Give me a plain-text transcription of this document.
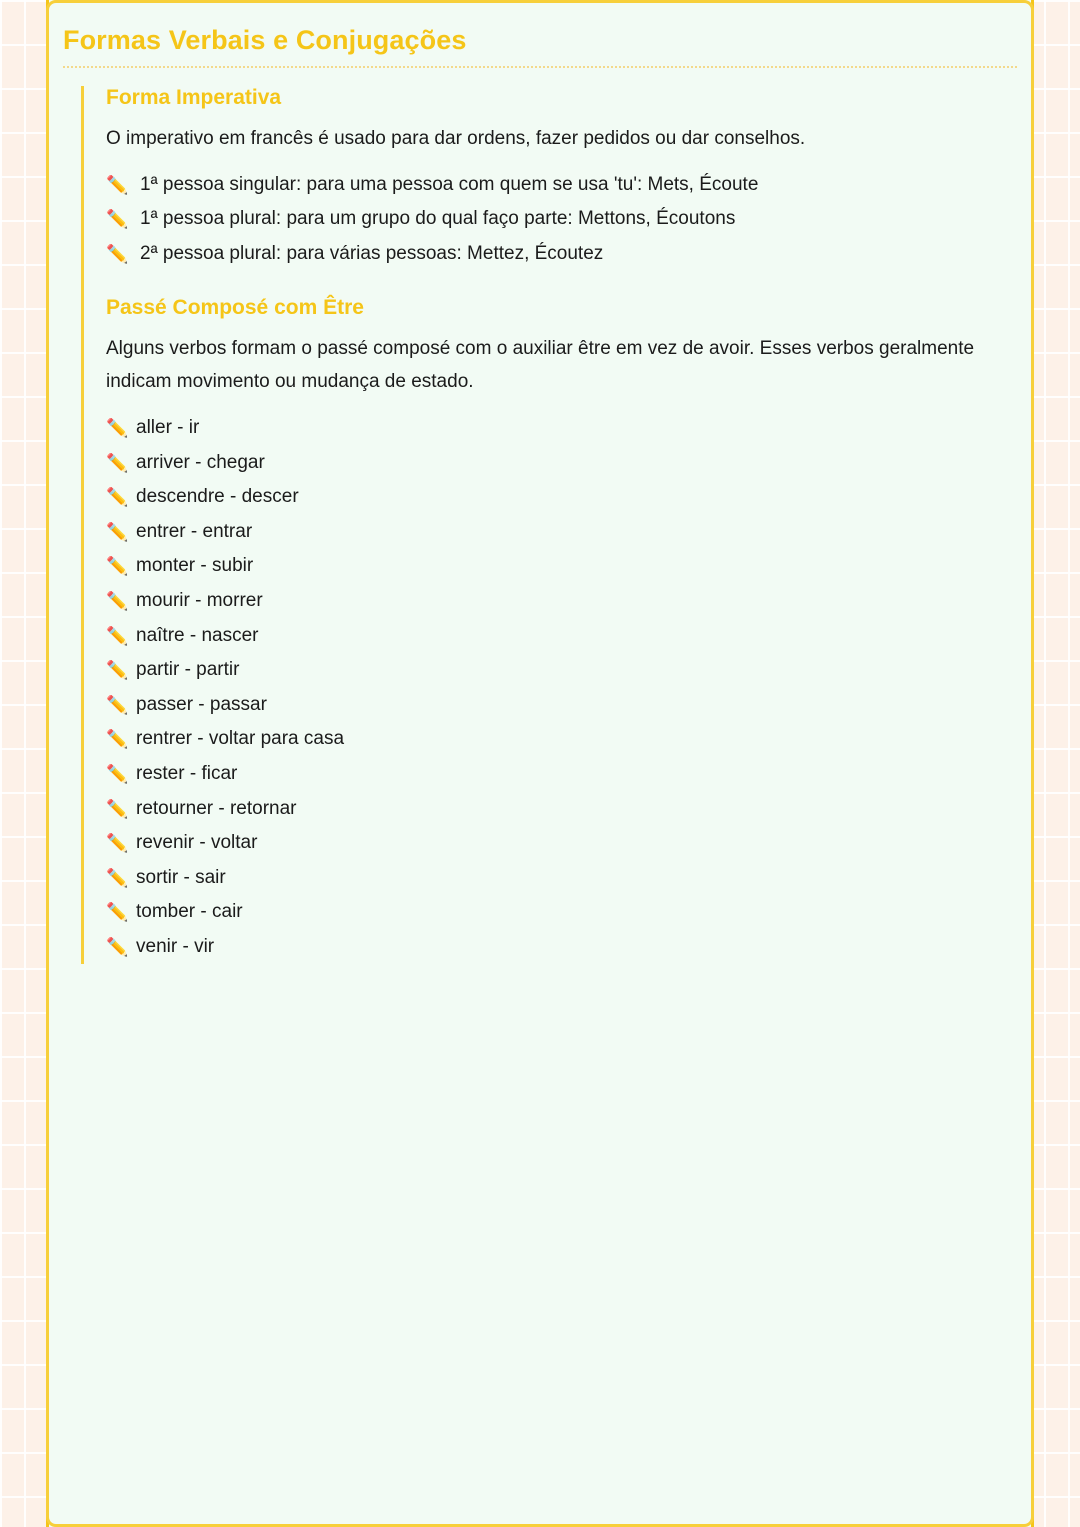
Formas Verbais e Conjugações
Forma Imperativa

O imperativo em francês é usado para dar ordens, fazer pedidos ou dar conselhos.

✏️ 1ª pessoa singular: para uma pessoa com quem se usa 'tu': Mets, Écoute
✏️ 1ª pessoa plural: para um grupo do qual faço parte: Mettons, Écoutons
✏️ 2ª pessoa plural: para várias pessoas: Mettez, Écoutez
Passé Composé com Être

Alguns verbos formam o passé composé com o auxiliar être em vez de avoir. Esses verbos geralmente indicam movimento ou mudança de estado.

✏️ aller - ir
✏️ arriver - chegar
✏️ descendre - descer
✏️ entrer - entrar
✏️ monter - subir
✏️ mourir - morrer
✏️ naître - nascer
✏️ partir - partir
✏️ passer - passar
✏️ rentrer - voltar para casa
✏️ rester - ficar
✏️ retourner - retornar
✏️ revenir - voltar
✏️ sortir - sair
✏️ tomber - cair
✏️ venir - vir
